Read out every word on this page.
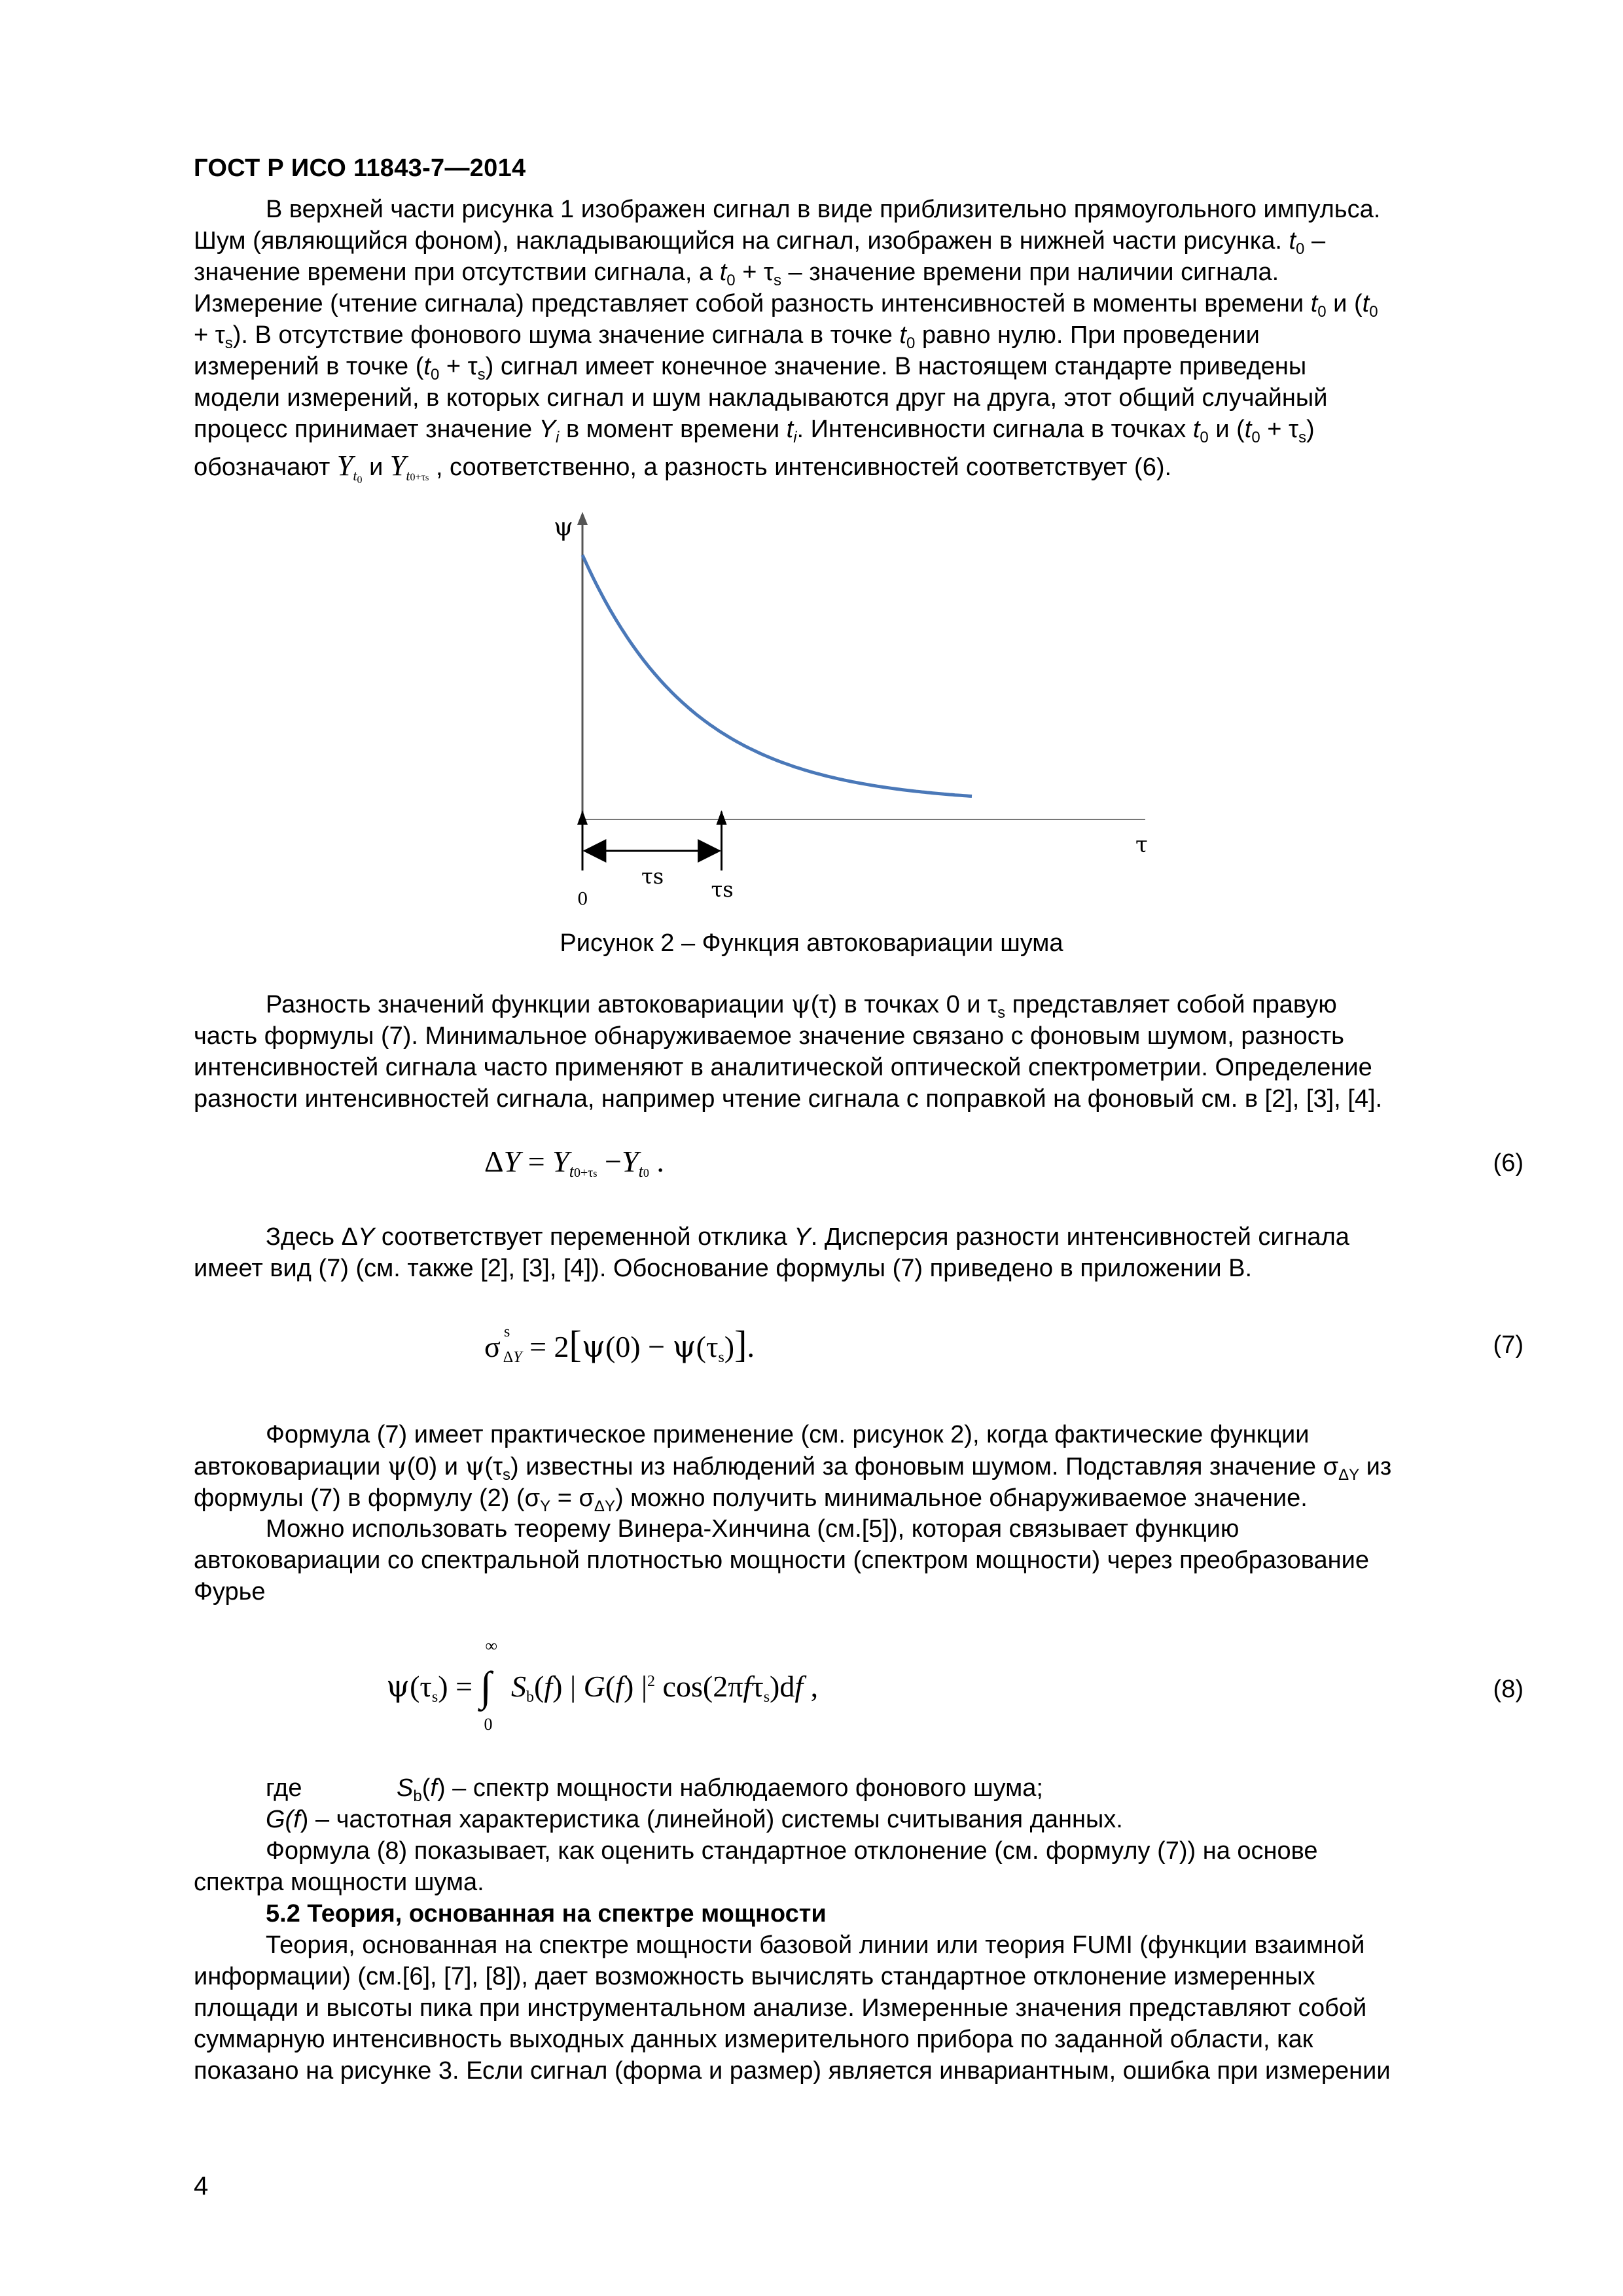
ГОСТ Р ИСО 11843-7—2014
В верхней части рисунка 1 изображен сигнал в виде приблизительно прямоугольного импульса.
Шум (являющийся фоном), накладывающийся на сигнал, изображен в нижней части рисунка. $t_0$ –
значение времени при отсутствии сигнала, а $t_0 + \tau_s$ – значение времени при наличии сигнала.
Измерение (чтение сигнала) представляет собой разность интенсивностей в моменты времени $t_0$ и ($t_0$
+ $\tau_s$). В отсутствие фонового шума значение сигнала в точке $t_0$ равно нулю. При проведении
измерений в точке $(t_0 + \tau_s)$ сигнал имеет конечное значение. В настоящем стандарте приведены
модели измерений, в которых сигнал и шум накладываются друг на друга, этот общий случайный
процесс принимает значение $Y_i$ в момент времени $t_i$. Интенсивности сигнала в точках $t_0$ и $(t_0 + \tau_s)$
обозначают $Y_{t_0}$ и $Y_{t0+\tau s}$ , соответственно, а разность интенсивностей соответствует (6).
ψ
τ
0
τs
τs
Рисунок 2 – Функция автоковариации шума
Разность значений функции автоковариации ψ(τ) в точках 0 и $\tau_s$ представляет собой правую
часть формулы (7). Минимальное обнаруживаемое значение связано с фоновым шумом, разность
интенсивностей сигнала часто применяют в аналитической оптической спектрометрии. Определение
разности интенсивностей сигнала, например чтение сигнала с поправкой на фоновый см. в [2], [3], [4].
$\Delta Y = Y_{t0+\tau s} -Y_{t0}$ .	(6)
Здесь ΔY соответствует переменной отклика Y. Дисперсия разности интенсивностей сигнала
имеет вид (7) (см. также [2], [3], [4]). Обоснование формулы (7) приведено в приложении В.
σ s
$_{\Delta Y} = 2[\psi(0) - \psi(\tau_s)]$.	(7)
Формула (7) имеет практическое применение (см. рисунок 2), когда фактические функции
автоковариации ψ(0) и $\psi(\tau_s)$ известны из наблюдений за фоновым шумом. Подставляя значение $\sigma_{\Delta Y}$ из
формулы (7) в формулу (2) $(\sigma_Y = \sigma_{\Delta Y})$ можно получить минимальное обнаруживаемое значение.
Можно использовать теорему Винера-Хинчина (см.[5]), которая связывает функцию
автоковариации со спектральной плотностью мощности (спектром мощности) через преобразование
Фурье
$\psi(\tau_s)$ = ∫
∞
0
$S_b(f)$ | G(f) $|^2$ cos(2πfτ$_s$)df ,	(8)
где	$S_b(f)$ – спектр мощности наблюдаемого фонового шума;
G(f) – частотная характеристика (линейной) системы считывания данных.
Формула (8) показывает, как оценить стандартное отклонение (см. формулу (7)) на основе
спектра мощности шума.
5.2 Теория, основанная на спектре мощности
Теория, основанная на спектре мощности базовой линии или теория FUMI (функции взаимной
информации) (см.[6], [7], [8]), дает возможность вычислять стандартное отклонение измеренных
площади и высоты пика при инструментальном анализе. Измеренные значения представляют собой
суммарную интенсивность выходных данных измерительного прибора по заданной области, как
показано на рисунке 3. Если сигнал (форма и размер) является инвариантным, ошибка при измерении
4
